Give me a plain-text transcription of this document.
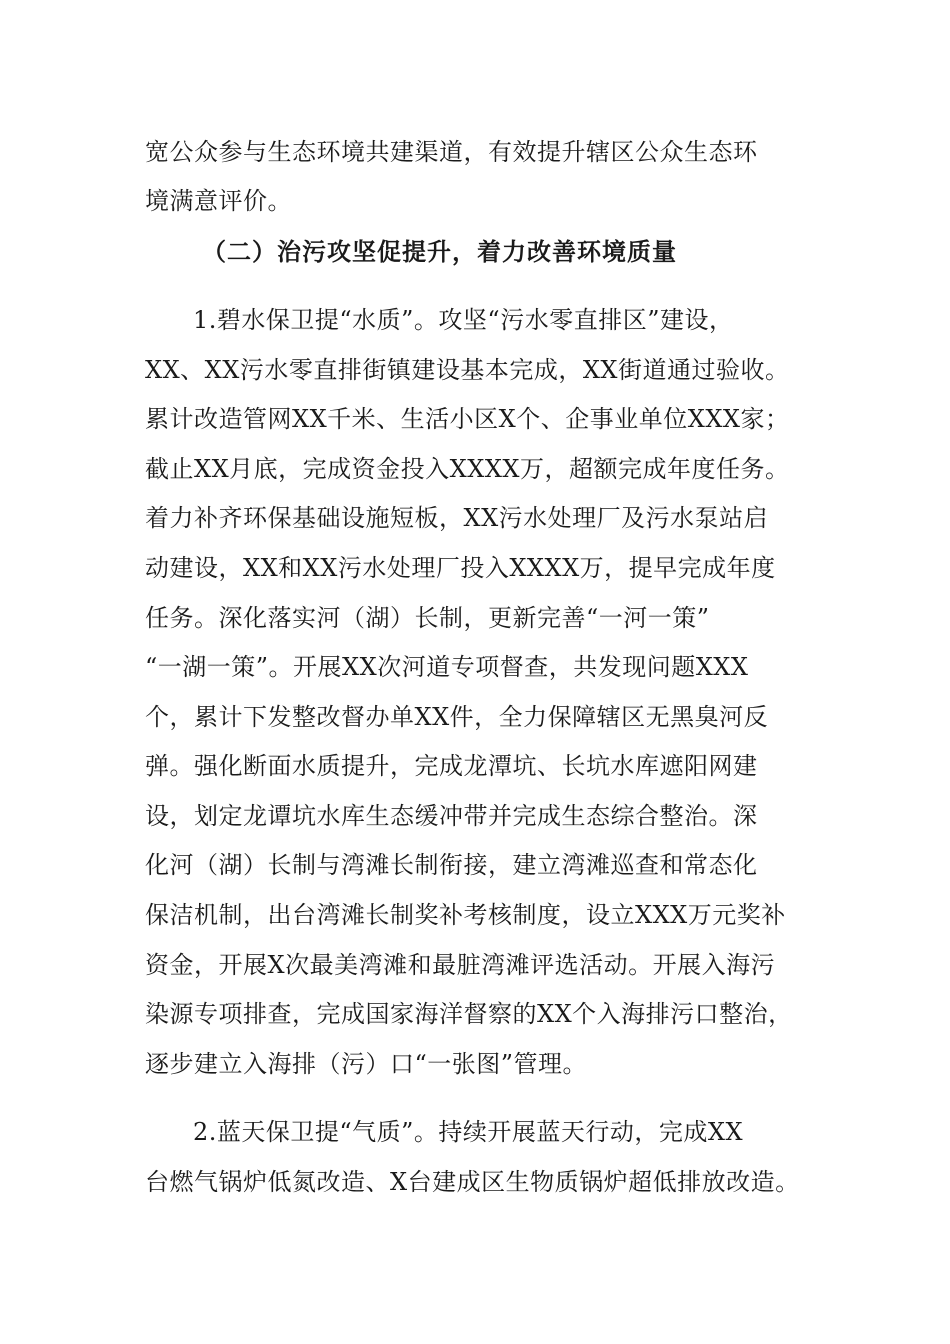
宽公众参与生态环境共建渠道，有效提升辖区公众生态环
境满意评价。
（二）治污攻坚促提升，着力改善环境质量
1.碧水保卫提“水质”。攻坚“污水零直排区”建设，
XX、XX污水零直排街镇建设基本完成，XX街道通过验收。
累计改造管网XX千米、生活小区X个、企事业单位XXX家；
截止XX月底，完成资金投入XXXX万，超额完成年度任务。
着力补齐环保基础设施短板，XX污水处理厂及污水泵站启
动建设，XX和XX污水处理厂投入XXXX万，提早完成年度
任务。深化落实河（湖）长制，更新完善“一河一策”
“一湖一策”。开展XX次河道专项督查，共发现问题XXX
个，累计下发整改督办单XX件，全力保障辖区无黑臭河反
弹。强化断面水质提升，完成龙潭坑、长坑水库遮阳网建
设，划定龙谭坑水库生态缓冲带并完成生态综合整治。深
化河（湖）长制与湾滩长制衔接，建立湾滩巡查和常态化
保洁机制，出台湾滩长制奖补考核制度，设立XXX万元奖补
资金，开展X次最美湾滩和最脏湾滩评选活动。开展入海污
染源专项排查，完成国家海洋督察的XX个入海排污口整治，
逐步建立入海排（污）口“一张图”管理。
2.蓝天保卫提“气质”。持续开展蓝天行动，完成XX
台燃气锅炉低氮改造、X台建成区生物质锅炉超低排放改造。
